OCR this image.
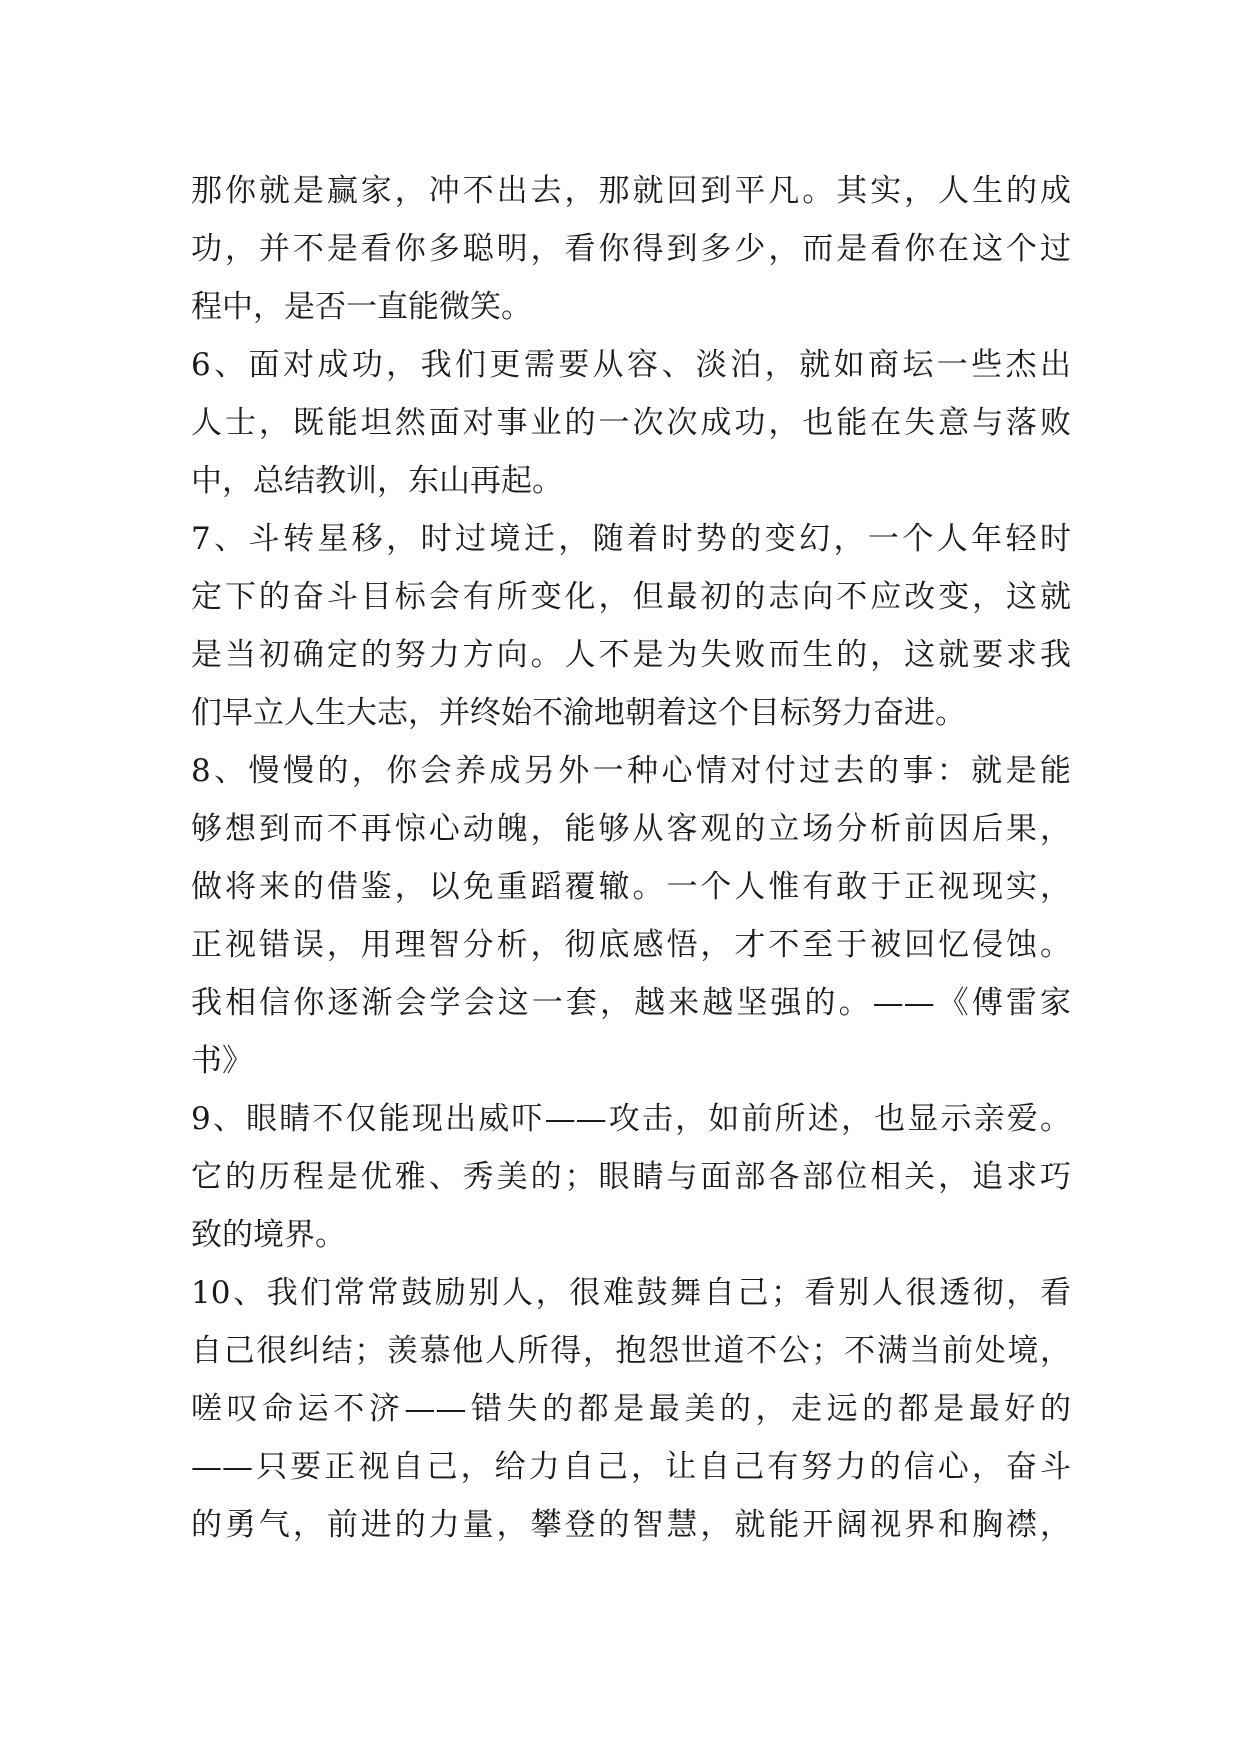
那你就是赢家，冲不出去，那就回到平凡。其实，人生的成
功，并不是看你多聪明，看你得到多少，而是看你在这个过
程中，是否一直能微笑。
6、面对成功，我们更需要从容、淡泊，就如商坛一些杰出
人士，既能坦然面对事业的一次次成功，也能在失意与落败
中，总结教训，东山再起。
7、斗转星移，时过境迁，随着时势的变幻，一个人年轻时
定下的奋斗目标会有所变化，但最初的志向不应改变，这就
是当初确定的努力方向。人不是为失败而生的，这就要求我
们早立人生大志，并终始不渝地朝着这个目标努力奋进。
8、慢慢的，你会养成另外一种心情对付过去的事：就是能
够想到而不再惊心动魄，能够从客观的立场分析前因后果，
做将来的借鉴，以免重蹈覆辙。一个人惟有敢于正视现实，
正视错误，用理智分析，彻底感悟，才不至于被回忆侵蚀。
我相信你逐渐会学会这一套，越来越坚强的。——《傅雷家
书》
9、眼睛不仅能现出威吓——攻击，如前所述，也显示亲爱。
它的历程是优雅、秀美的；眼睛与面部各部位相关，追求巧
致的境界。
10、我们常常鼓励别人，很难鼓舞自己；看别人很透彻，看
自己很纠结；羡慕他人所得，抱怨世道不公；不满当前处境，
嗟叹命运不济——错失的都是最美的，走远的都是最好的
——只要正视自己，给力自己，让自己有努力的信心，奋斗
的勇气，前进的力量，攀登的智慧，就能开阔视界和胸襟，
